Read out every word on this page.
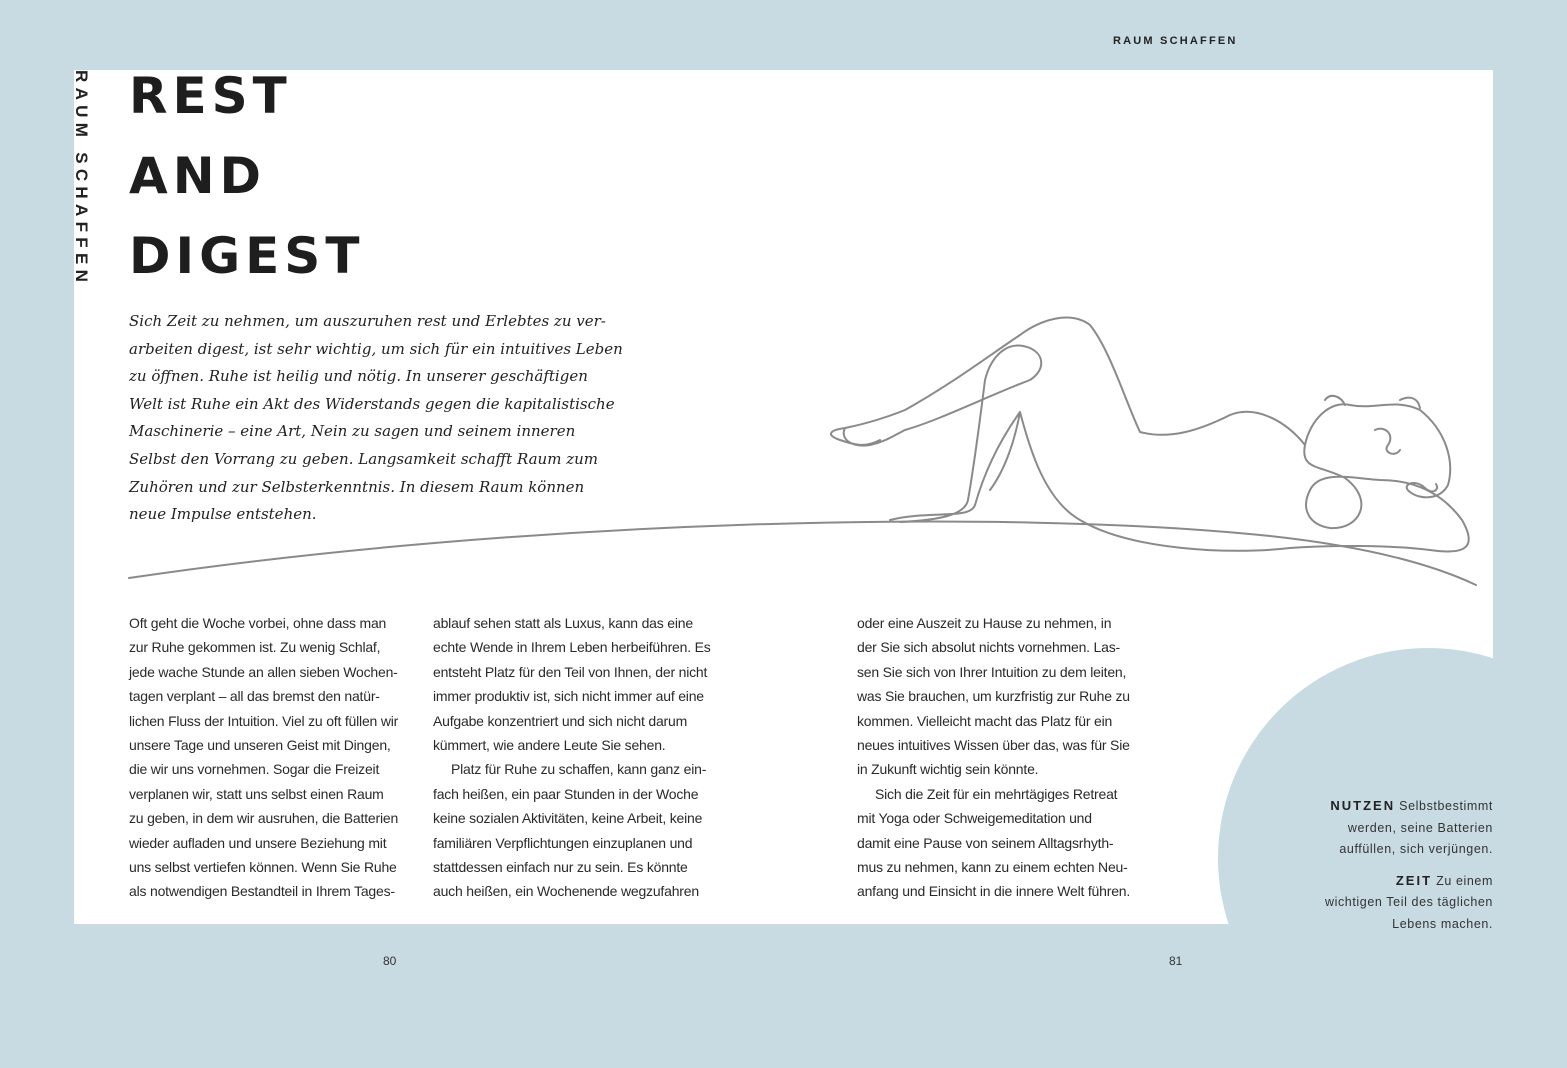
RAUM SCHAFFEN
RAUM SCHAFFEN REST
AND
DIGEST
Sich Zeit zu nehmen, um auszuruhen rest und Erlebtes zu ver-
arbeiten digest, ist sehr wichtig, um sich für ein intuitives Leben
zu öffnen. Ruhe ist heilig und nötig. In unserer geschäftigen
Welt ist Ruhe ein Akt des Widerstands gegen die kapitalistische
Maschinerie – eine Art, Nein zu sagen und seinem inneren
Selbst den Vorrang zu geben. Langsamkeit schafft Raum zum
Zuhören und zur Selbsterkenntnis. In diesem Raum können
neue Impulse entstehen.
Oft geht die Woche vorbei, ohne dass man
zur Ruhe gekommen ist. Zu wenig Schlaf,
jede wache Stunde an allen sieben Wochen-
tagen verplant – all das bremst den natür-
lichen Fluss der Intuition. Viel zu oft füllen wir
unsere Tage und unseren Geist mit Dingen,
die wir uns vornehmen. Sogar die Freizeit
verplanen wir, statt uns selbst einen Raum
zu geben, in dem wir ausruhen, die Batterien
wieder aufladen und unsere Beziehung mit
uns selbst vertiefen können. Wenn Sie Ruhe
als notwendigen Bestandteil in Ihrem Tages-
ablauf sehen statt als Luxus, kann das eine
echte Wende in Ihrem Leben herbeiführen. Es
entsteht Platz für den Teil von Ihnen, der nicht
immer produktiv ist, sich nicht immer auf eine
Aufgabe konzentriert und sich nicht darum
kümmert, wie andere Leute Sie sehen.
Platz für Ruhe zu schaffen, kann ganz ein-
fach heißen, ein paar Stunden in der Woche
keine sozialen Aktivitäten, keine Arbeit, keine
familiären Verpflichtungen einzuplanen und
stattdessen einfach nur zu sein. Es könnte
auch heißen, ein Wochenende wegzufahren
oder eine Auszeit zu Hause zu nehmen, in
der Sie sich absolut nichts vornehmen. Las-
sen Sie sich von Ihrer Intuition zu dem leiten,
was Sie brauchen, um kurzfristig zur Ruhe zu
kommen. Vielleicht macht das Platz für ein
neues intuitives Wissen über das, was für Sie
in Zukunft wichtig sein könnte.
Sich die Zeit für ein mehrtägiges Retreat
mit Yoga oder Schweigemeditation und
damit eine Pause von seinem Alltagsrhyth-
mus zu nehmen, kann zu einem echten Neu-
anfang und Einsicht in die innere Welt führen.
NUTZEN Selbstbestimmt
werden, seine Batterien
auffüllen, sich verjüngen.
ZEIT Zu einem
wichtigen Teil des täglichen
Lebens machen.
80	81
